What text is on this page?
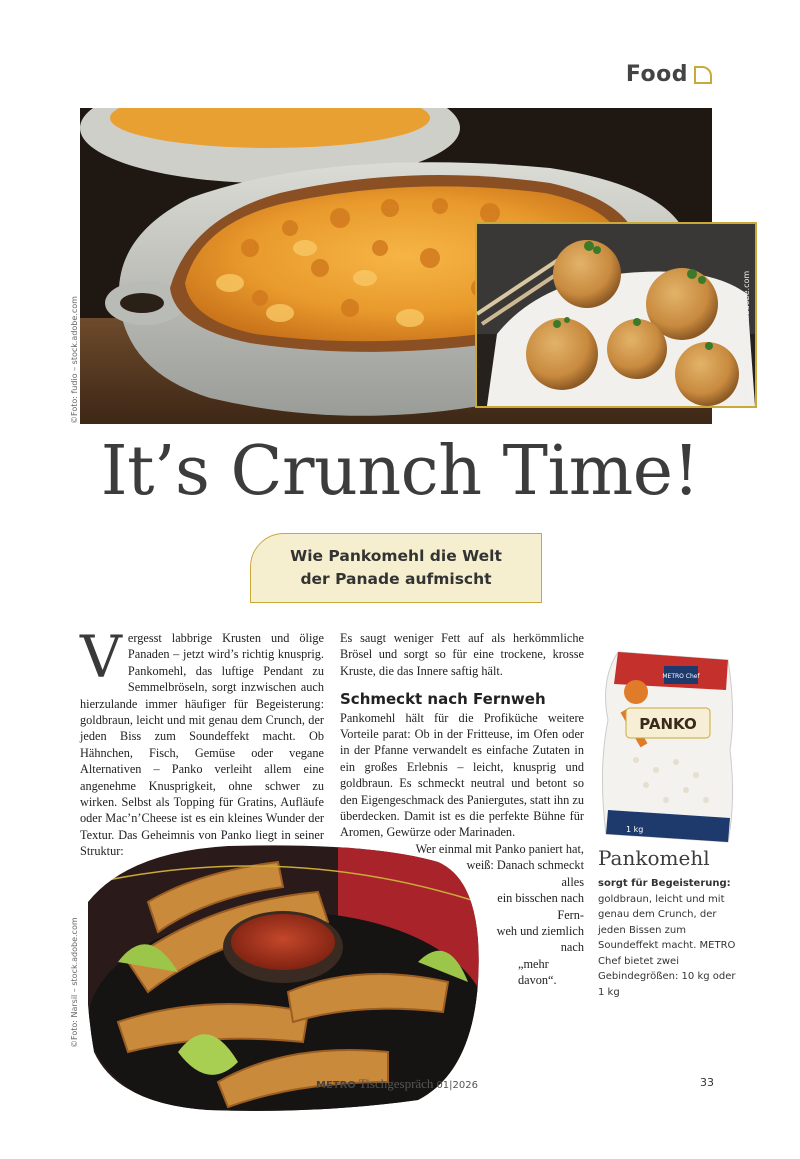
Food
©Foto: fudio – stock.adobe.com	©Foto: FomaA – stock.adobe.com
It’s Crunch Time!
Wie Pankomehl die Welt der Panade aufmischt
V ergesst labbrige Krusten und ölige Panaden – jetzt wird’s richtig knusprig. Pankomehl, das luftige Pendant zu Semmelbröseln, sorgt inzwischen auch hierzulande immer häufiger für Begeisterung: goldbraun, leicht und mit genau dem Crunch, der jeden Biss zum Soundeffekt macht. Ob Hähnchen, Fisch, Gemüse oder vegane Alternativen – Panko verleiht allem eine angenehme Knusprigkeit, ohne schwer zu wirken. Selbst als Topping für Gratins, Aufläufe oder Mac’n’Cheese ist es ein kleines Wunder der Textur. Das Geheimnis von Panko liegt in seiner Struktur:

Es saugt weniger Fett auf als herkömmliche Brösel und sorgt so für eine trockene, krosse Kruste, die das Innere saftig hält.

Schmeckt nach Fernweh

Pankomehl hält für die Profiküche weitere Vorteile parat: Ob in der Fritteuse, im Ofen oder in der Pfanne verwandelt es einfache Zutaten in ein großes Erlebnis – leicht, knusprig und goldbraun. Es schmeckt neutral und betont so den Eigengeschmack des Paniergutes, statt ihn zu überdecken. Damit ist es die perfekte Bühne für Aromen, Gewürze oder Marinaden.

Wer einmal mit Panko paniert hat,
weiß: Danach schmeckt alles
ein bisschen nach Fern-
weh und ziemlich nach
„mehr davon“.
METRO Chef
PANKO
1 kg
Pankomehl
sorgt für Begeisterung: goldbraun, leicht und mit genau dem Crunch, der jeden Bissen zum Soundeffekt macht. METRO Chef bietet zwei Gebindegrößen: 10 kg oder 1 kg
©Foto: Narsil – stock.adobe.com
METRO Tischgespräch 01|2026	33
